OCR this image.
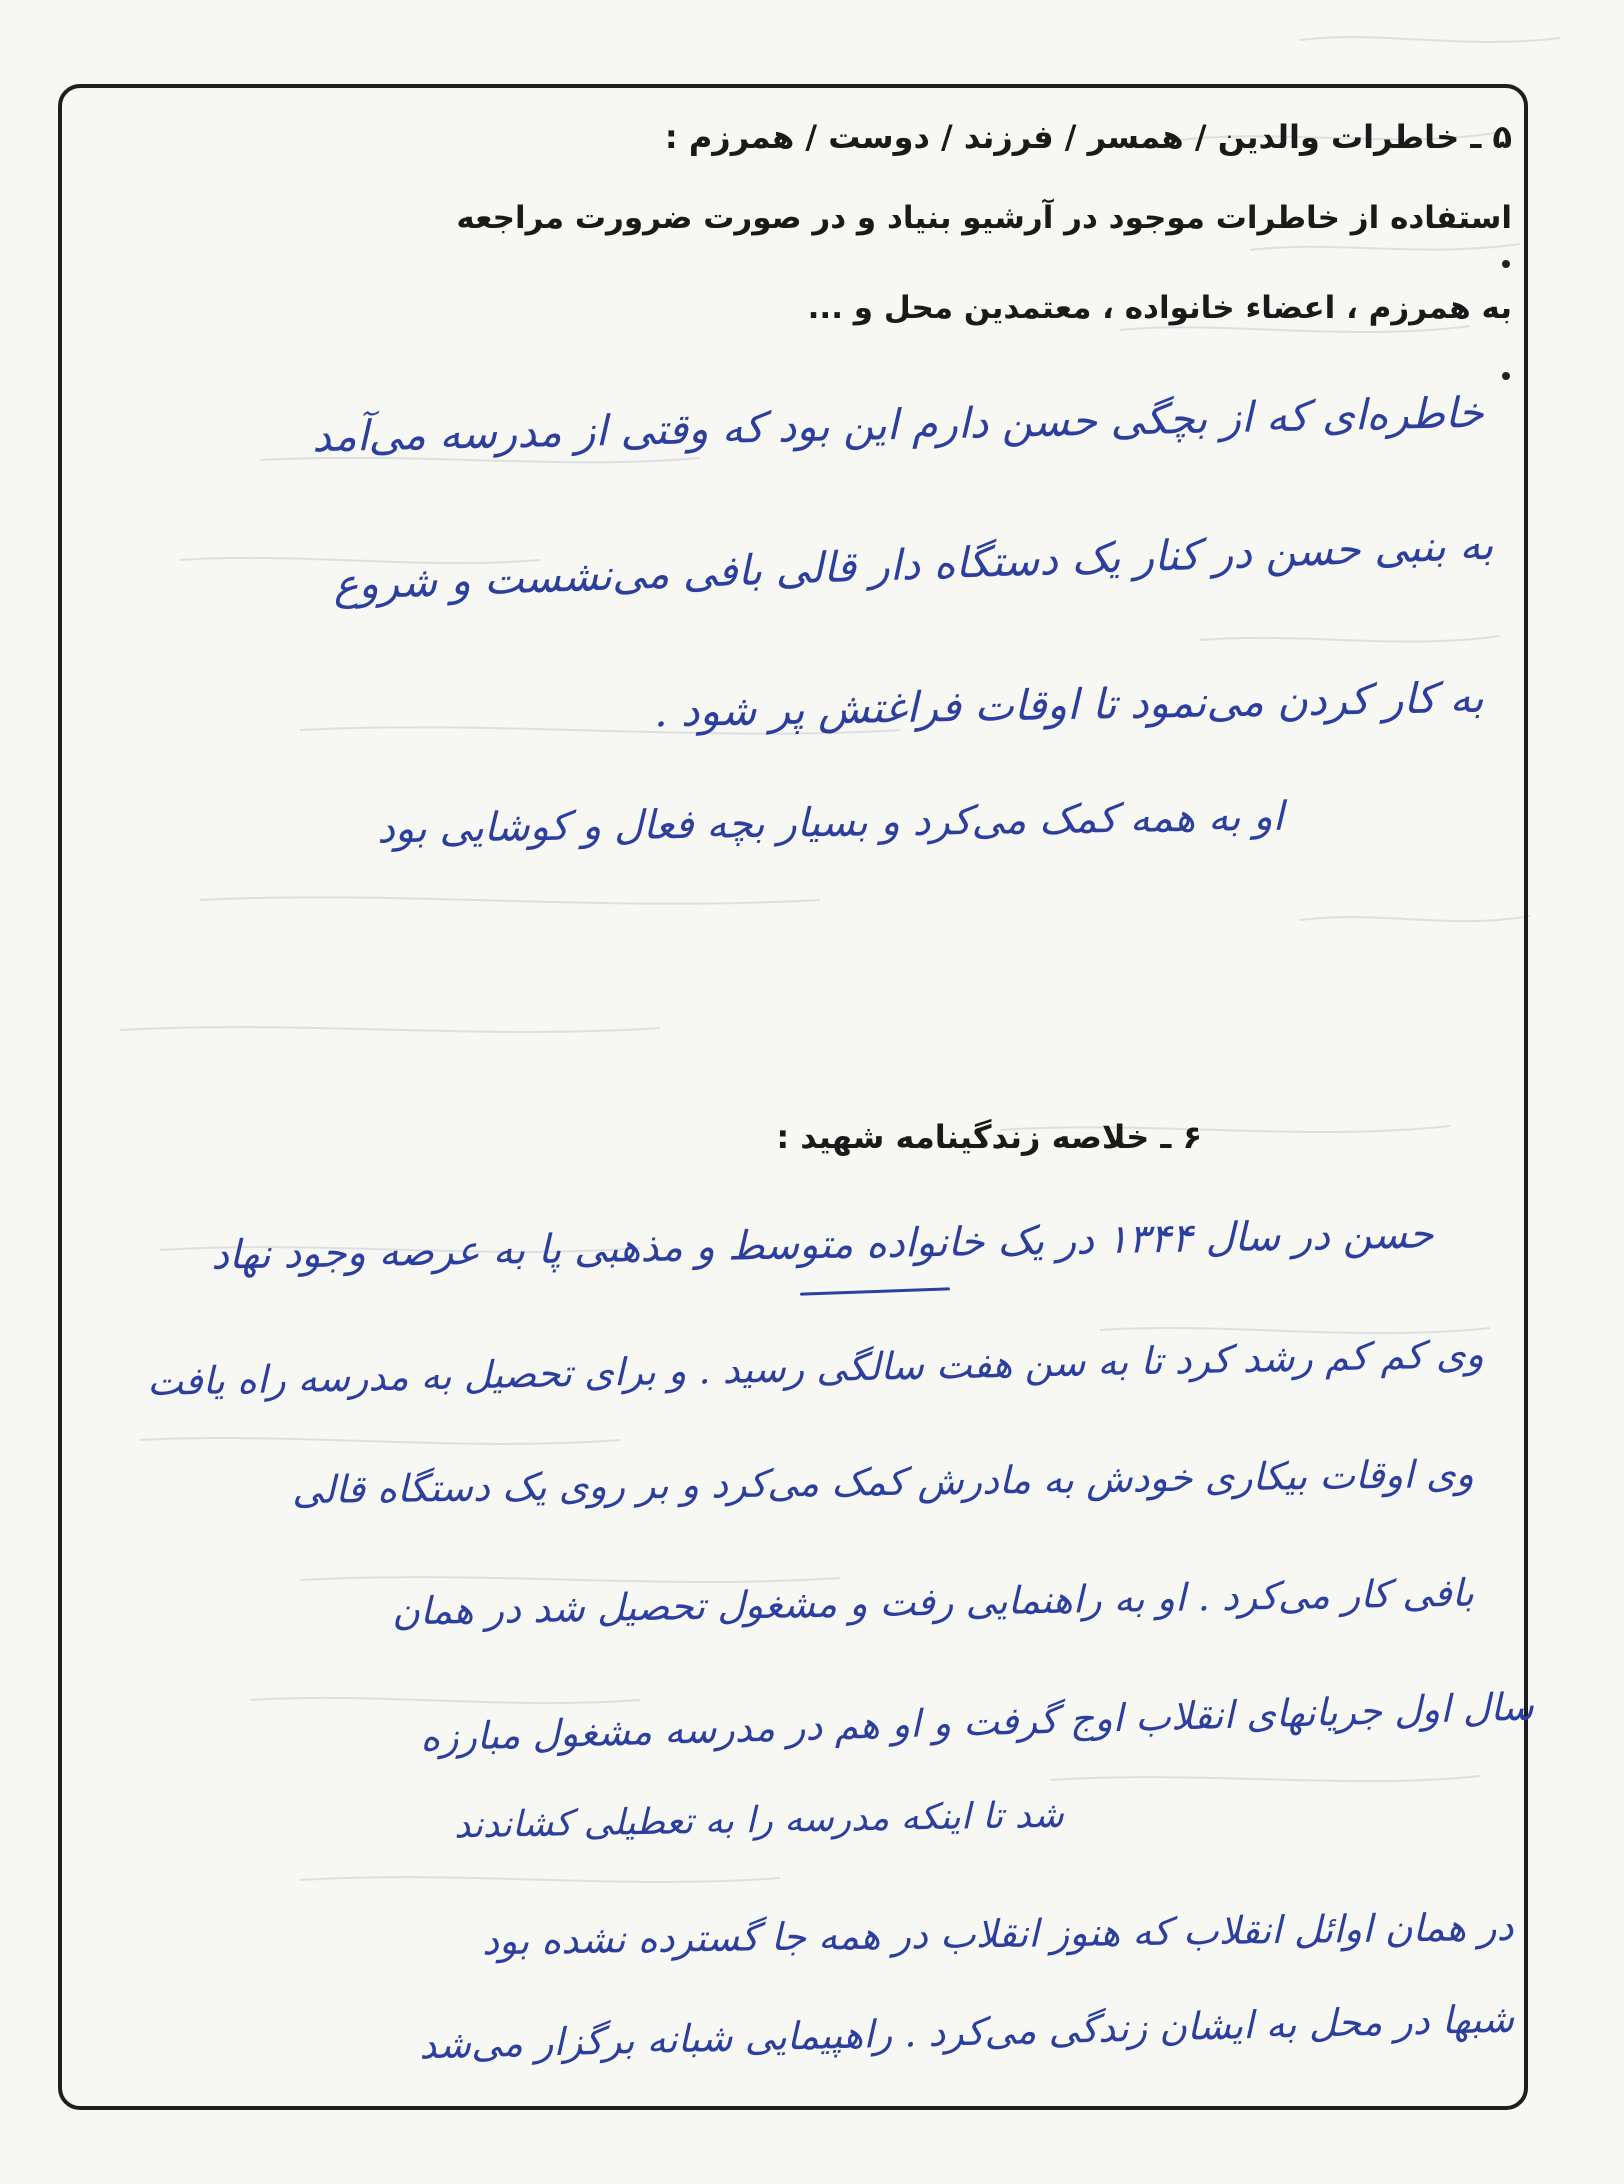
۵ ـ خاطرات والدین / همسر / فرزند / دوست / همرزم :
استفاده از خاطرات موجود در آرشیو بنیاد و در صورت ضرورت مراجعه
به همرزم ، اعضاء خانواده ، معتمدین محل و ...
خاطره‌ای که از بچگی حسن دارم این بود که وقتی از مدرسه می‌آمد
به بنبی حسن در کنار یک دستگاه دار قالی بافی می‌نشست و شروع
به کار کردن می‌نمود تا اوقات فراغتش پر شود .
او به همه کمک می‌کرد و بسیار بچه فعال و کوشایی بود
۶ ـ خلاصه زندگینامه شهید :
حسن در سال ۱۳۴۴ در یک خانواده متوسط و مذهبی پا به عرصه وجود نهاد
وی کم کم رشد کرد تا به سن هفت سالگی رسید . و برای تحصیل به مدرسه راه یافت
وی اوقات بیکاری خودش به مادرش کمک می‌کرد و بر روی یک دستگاه قالی
بافی کار می‌کرد . او به راهنمایی رفت و مشغول تحصیل شد در همان
سال اول جریانهای انقلاب اوج گرفت و او هم در مدرسه مشغول مبارزه
شد تا اینکه مدرسه را به تعطیلی کشاندند
در همان اوائل انقلاب که هنوز انقلاب در همه جا گسترده نشده بود
شبها در محل به ایشان زندگی می‌کرد . راهپیمایی شبانه برگزار می‌شد
